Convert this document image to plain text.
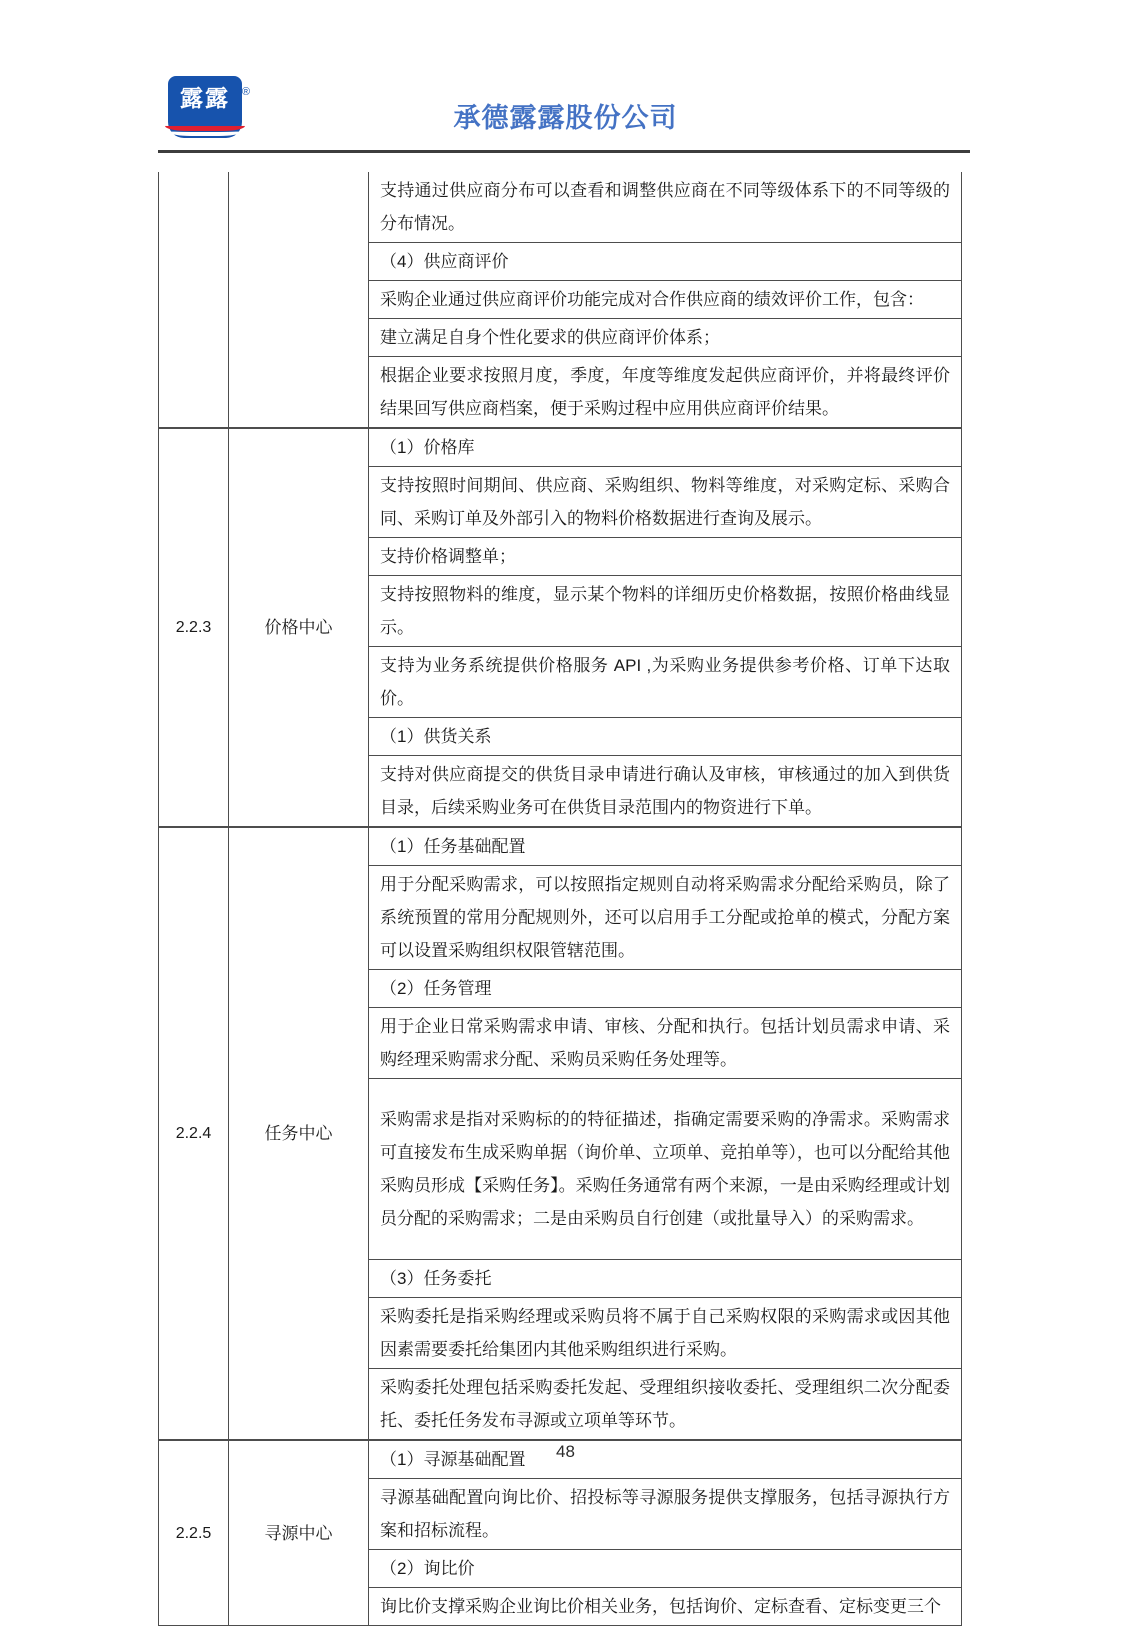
露露 ®
承德露露股份公司
		支持通过供应商分布可以查看和调整供应商在不同等级体系下的不同等级的分布情况。
		（4）供应商评价
		采购企业通过供应商评价功能完成对合作供应商的绩效评价工作，包含：
		建立满足自身个性化要求的供应商评价体系；
		根据企业要求按照月度，季度，年度等维度发起供应商评价，并将最终评价结果回写供应商档案，便于采购过程中应用供应商评价结果。
2.2.3	价格中心	（1）价格库
		支持按照时间期间、供应商、采购组织、物料等维度，对采购定标、采购合同、采购订单及外部引入的物料价格数据进行查询及展示。
		支持价格调整单；
		支持按照物料的维度，显示某个物料的详细历史价格数据，按照价格曲线显示。
		支持为业务系统提供价格服务 API ,为采购业务提供参考价格、订单下达取价。
		（1）供货关系
		支持对供应商提交的供货目录申请进行确认及审核，审核通过的加入到供货目录，后续采购业务可在供货目录范围内的物资进行下单。
2.2.4	任务中心	（1）任务基础配置
		用于分配采购需求，可以按照指定规则自动将采购需求分配给采购员，除了系统预置的常用分配规则外，还可以启用手工分配或抢单的模式，分配方案可以设置采购组织权限管辖范围。
		（2）任务管理
		用于企业日常采购需求申请、审核、分配和执行。包括计划员需求申请、采购经理采购需求分配、采购员采购任务处理等。
		采购需求是指对采购标的的特征描述，指确定需要采购的净需求。采购需求可直接发布生成采购单据（询价单、立项单、竞拍单等），也可以分配给其他采购员形成【采购任务】。采购任务通常有两个来源，一是由采购经理或计划员分配的采购需求；二是由采购员自行创建（或批量导入）的采购需求。
		（3）任务委托
		采购委托是指采购经理或采购员将不属于自己采购权限的采购需求或因其他因素需要委托给集团内其他采购组织进行采购。
		采购委托处理包括采购委托发起、受理组织接收委托、受理组织二次分配委托、委托任务发布寻源或立项单等环节。
2.2.5	寻源中心	（1）寻源基础配置
		寻源基础配置向询比价、招投标等寻源服务提供支撑服务，包括寻源执行方案和招标流程。
		（2）询比价
		询比价支撑采购企业询比价相关业务，包括询价、定标查看、定标变更三个
48
